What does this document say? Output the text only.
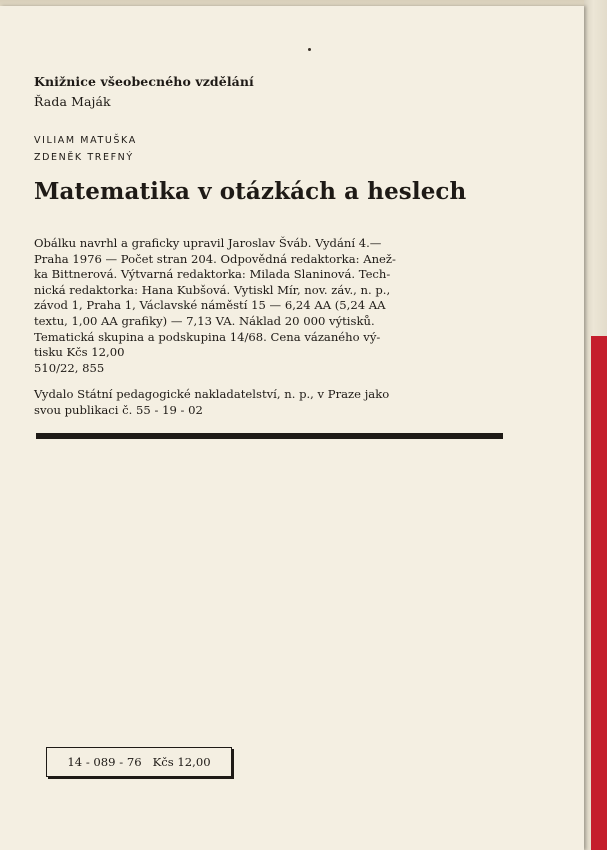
Knižnice všeobecného vzdělání
Řada Maják
VILIAM MATUŠKA
ZDENĚK TREFNÝ
Matematika v otázkách a heslech
Obálku navrhl a graficky upravil Jaroslav Šváb. Vydání 4.—
Praha 1976 — Počet stran 204. Odpovědná redaktorka: Anež-
ka Bittnerová. Výtvarná redaktorka: Milada Slaninová. Tech-
nická redaktorka: Hana Kubšová. Vytiskl Mír, nov. záv., n. p.,
závod 1, Praha 1, Václavské náměstí 15 — 6,24 AA (5,24 AA
textu, 1,00 AA grafiky) — 7,13 VA. Náklad 20 000 výtisků.
Tematická skupina a podskupina 14/68. Cena vázaného vý-
tisku Kčs 12,00
510/22, 855
Vydalo Státní pedagogické nakladatelství, n. p., v Praze jako
svou publikaci č. 55 - 19 - 02
14 - 089 - 76   Kčs 12,00
